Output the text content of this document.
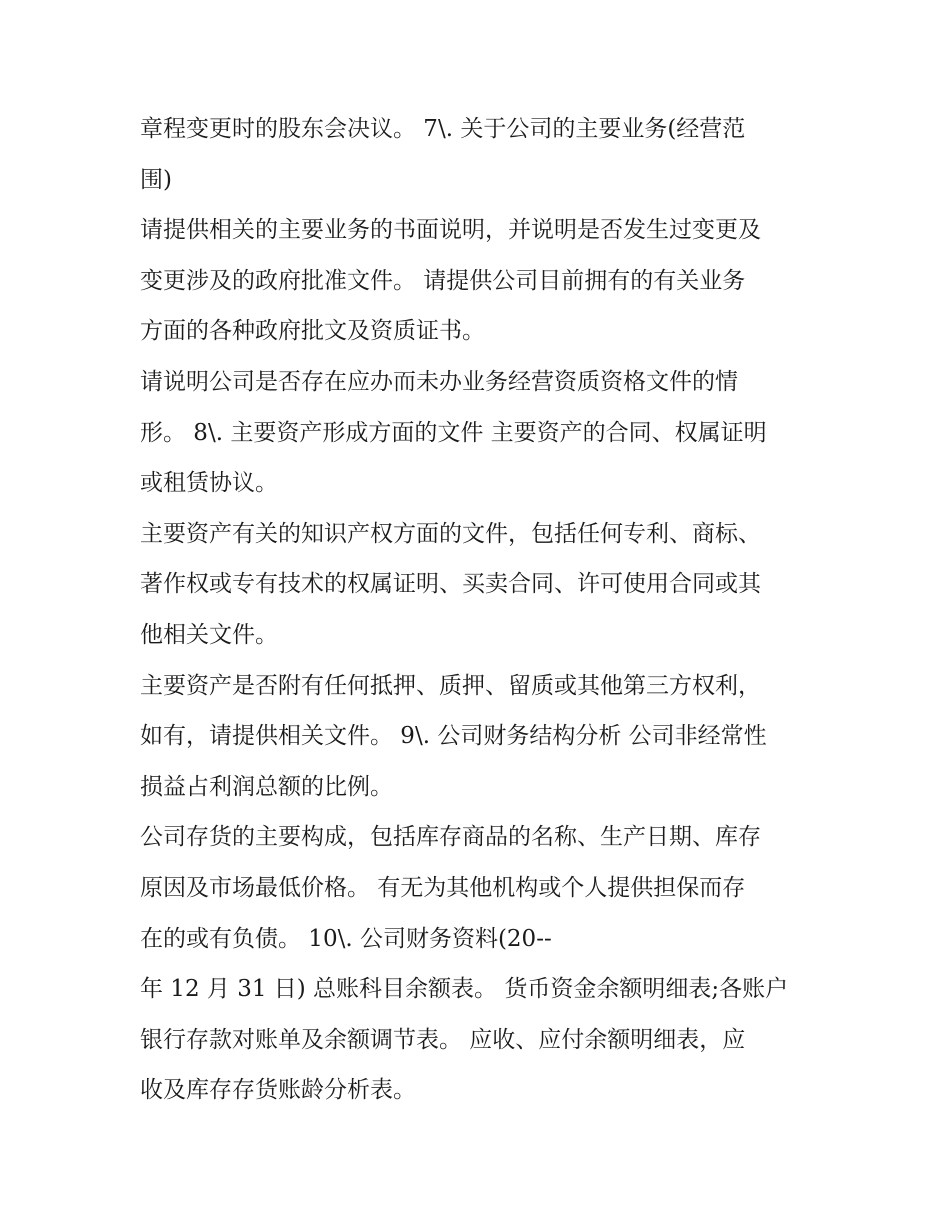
章程变更时的股东会决议。 7\. 关于公司的主要业务(经营范
围)
请提供相关的主要业务的书面说明，并说明是否发生过变更及
变更涉及的政府批准文件。 请提供公司目前拥有的有关业务
方面的各种政府批文及资质证书。
请说明公司是否存在应办而未办业务经营资质资格文件的情
形。 8\. 主要资产形成方面的文件 主要资产的合同、权属证明
或租赁协议。
主要资产有关的知识产权方面的文件，包括任何专利、商标、
著作权或专有技术的权属证明、买卖合同、许可使用合同或其
他相关文件。
主要资产是否附有任何抵押、质押、留质或其他第三方权利，
如有，请提供相关文件。 9\. 公司财务结构分析 公司非经常性
损益占利润总额的比例。
公司存货的主要构成，包括库存商品的名称、生产日期、库存
原因及市场最低价格。 有无为其他机构或个人提供担保而存
在的或有负债。 10\. 公司财务资料(20--
年 12 月 31 日) 总账科目余额表。 货币资金余额明细表;各账户
银行存款对账单及余额调节表。 应收、应付余额明细表，应
收及库存存货账龄分析表。
